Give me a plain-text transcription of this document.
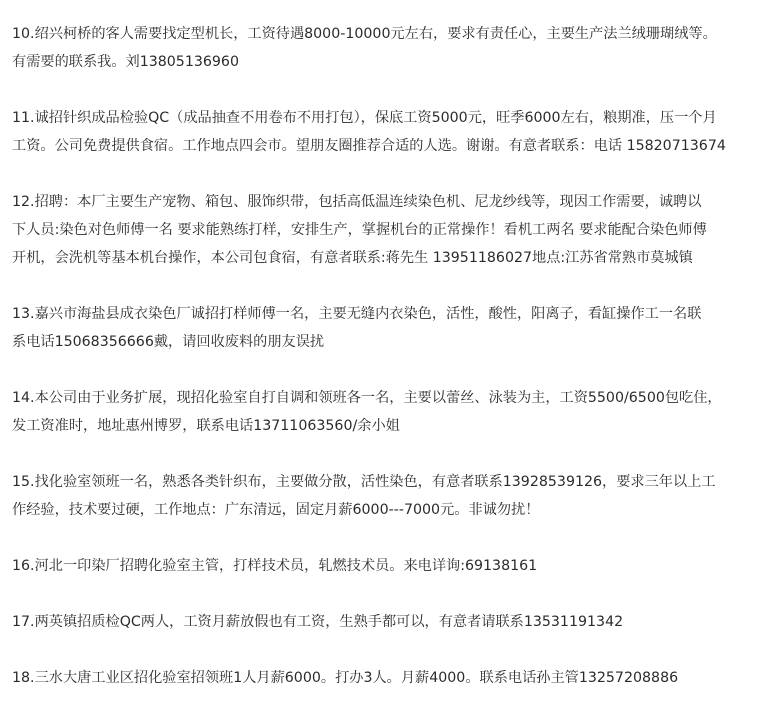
10.绍兴柯桥的客人需要找定型机长，工资待遇8000-10000元左右，要求有责任心，主要生产法兰绒珊瑚绒等。

有需要的联系我。刘13805136960

11.诚招针织成品检验QC（成品抽查不用卷布不用打包），保底工资5000元，旺季6000左右，粮期准，压一个月

工资。公司免费提供食宿。工作地点四会市。望朋友圈推荐合适的人选。谢谢。有意者联系：电话 15820713674

12.招聘：本厂主要生产宠物、箱包、服饰织带，包括高低温连续染色机、尼龙纱线等，现因工作需要，诚聘以

下人员:染色对色师傅一名 要求能熟练打样，安排生产，掌握机台的正常操作！看机工两名 要求能配合染色师傅

开机，会洗机等基本机台操作，本公司包食宿，有意者联系:蒋先生 13951186027地点:江苏省常熟市莫城镇

13.嘉兴市海盐县成衣染色厂诚招打样师傅一名，主要无缝内衣染色，活性，酸性，阳离子，看缸操作工一名联

系电话15068356666戴，请回收废料的朋友误扰

14.本公司由于业务扩展，现招化验室自打自调和领班各一名，主要以蕾丝、泳装为主，工资5500/6500包吃住，

发工资准时，地址惠州博罗，联系电话13711063560/余小姐

15.找化验室领班一名，熟悉各类针织布，主要做分散，活性染色，有意者联系13928539126，要求三年以上工

作经验，技术要过硬，工作地点：广东清远，固定月薪6000---7000元。非诚勿扰！

16.河北一印染厂招聘化验室主管，打样技术员，轧燃技术员。来电详询:69138161

17.两英镇招质检QC两人，工资月薪放假也有工资，生熟手都可以，有意者请联系13531191342

18.三水大唐工业区招化验室招领班1人月薪6000。打办3人。月薪4000。联系电话孙主管13257208886
